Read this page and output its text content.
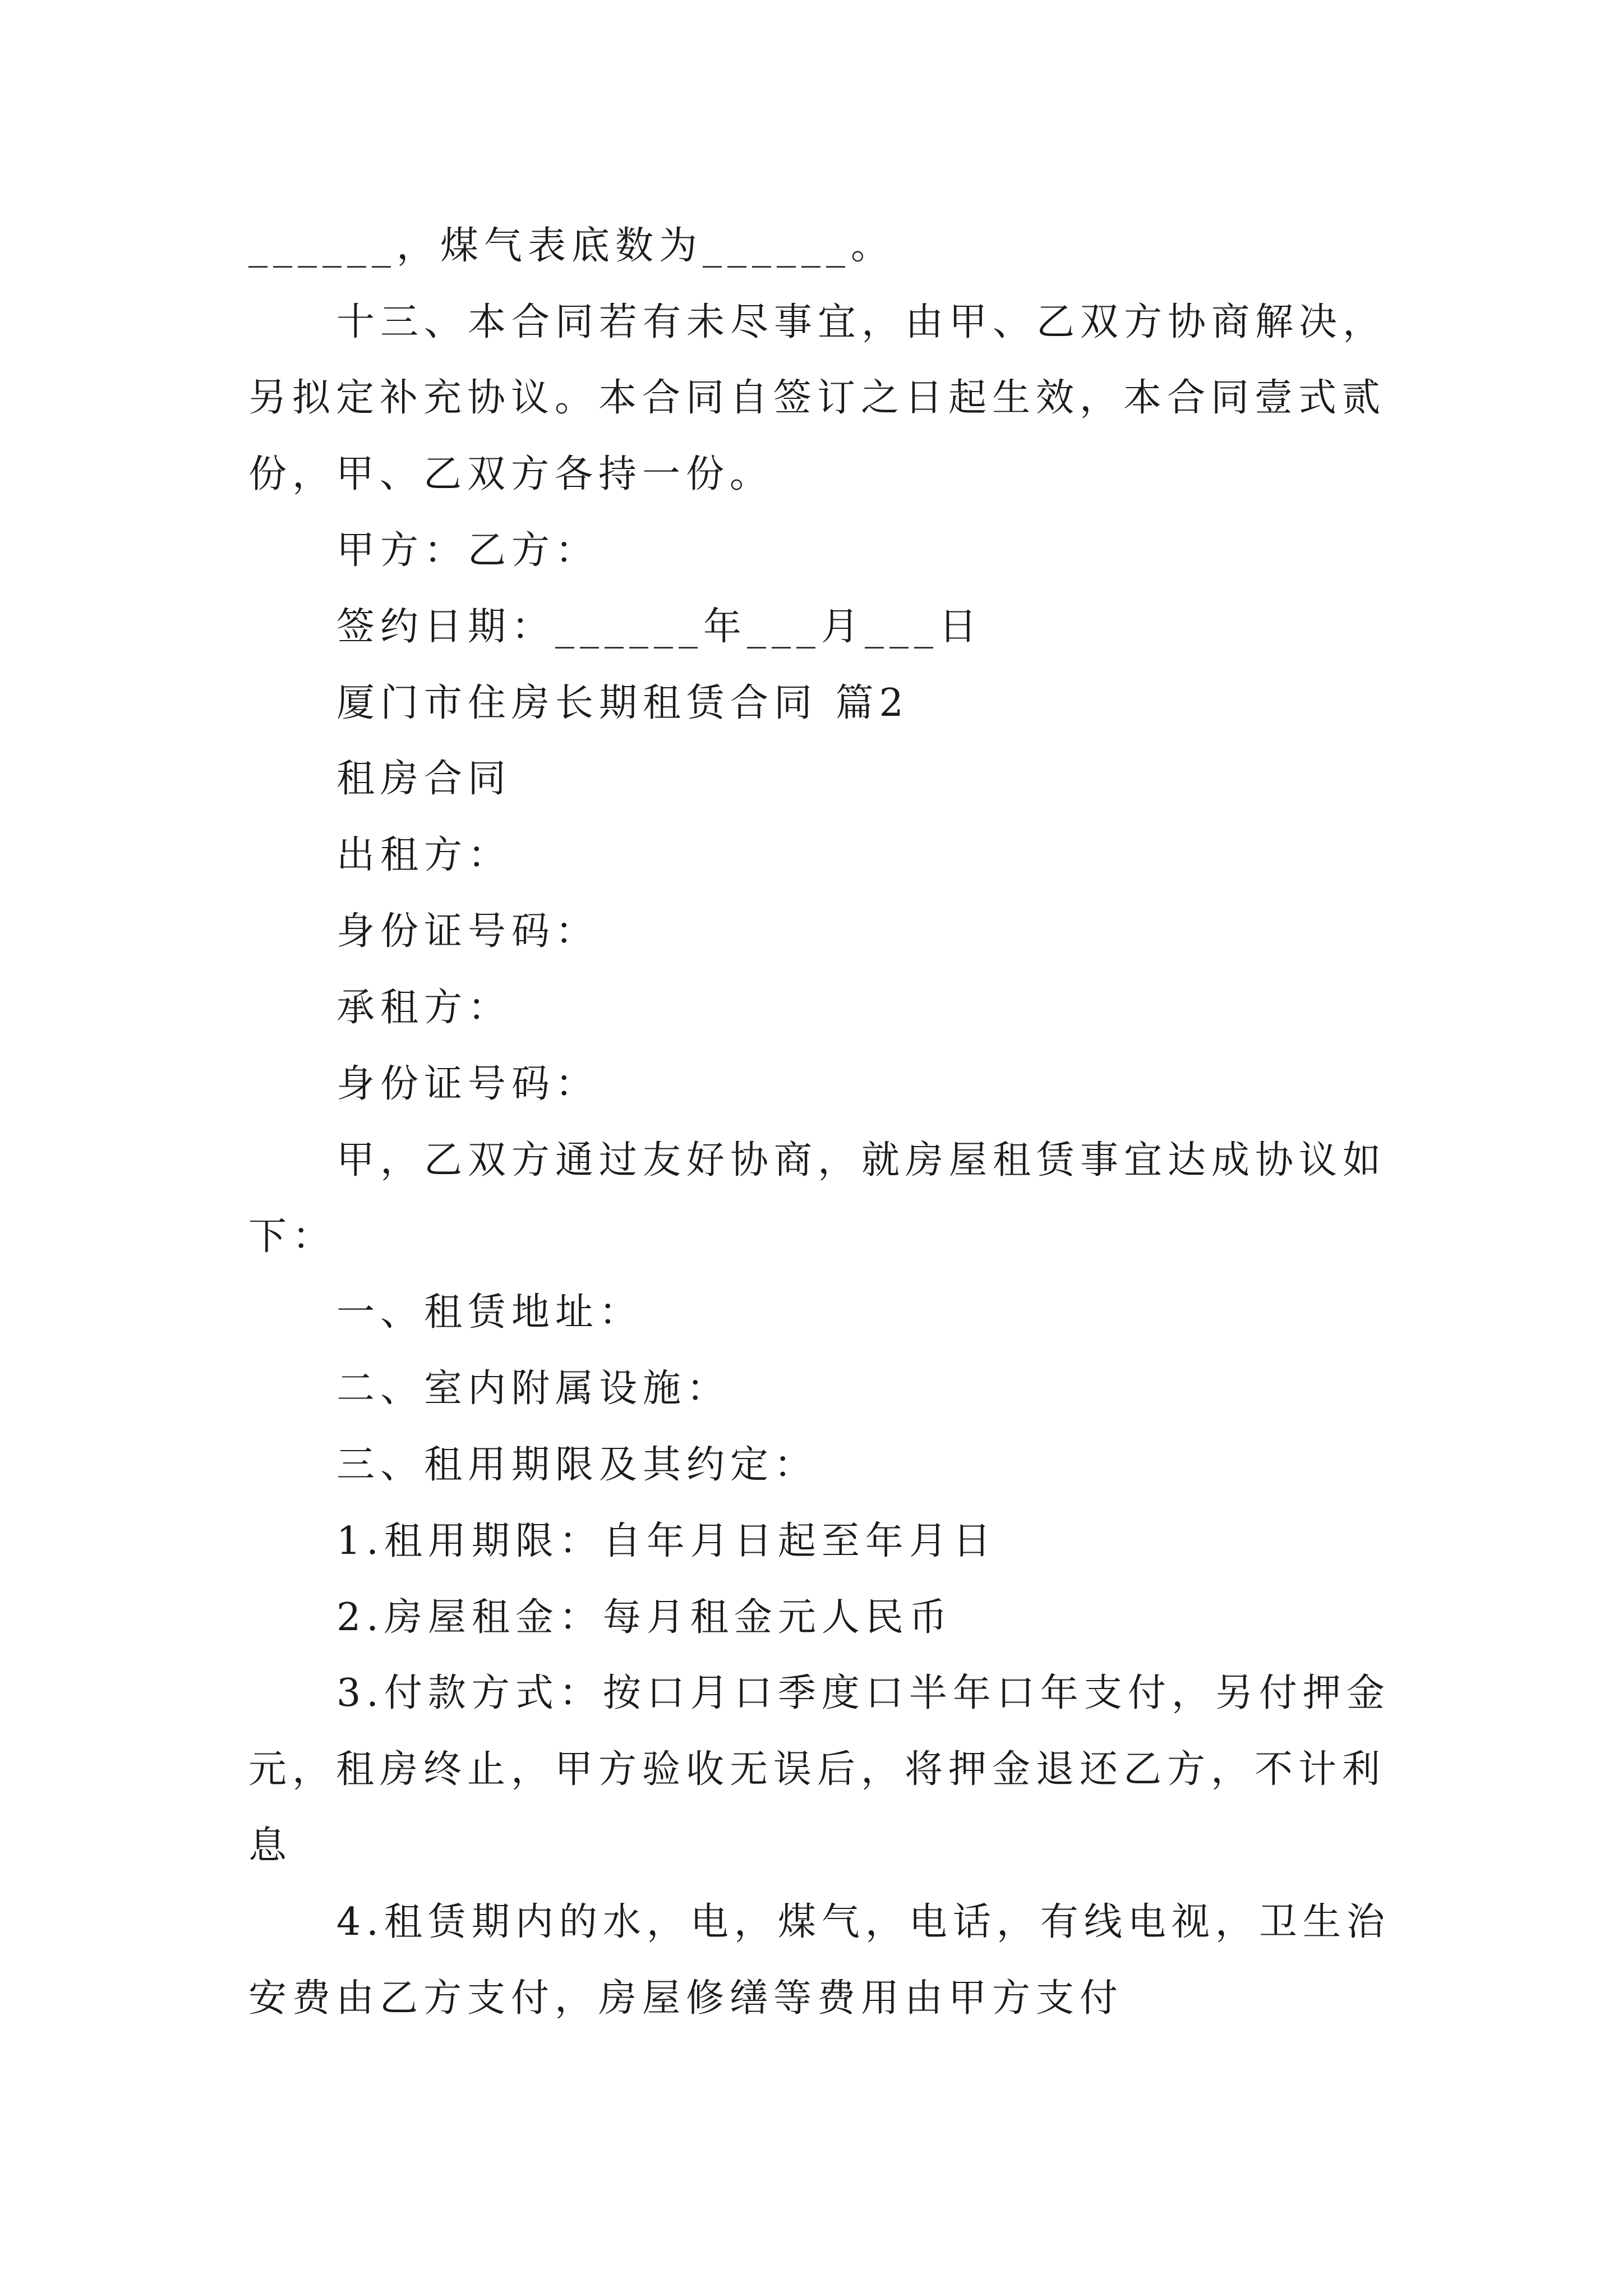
______，煤气表底数为______。
十三、本合同若有未尽事宜，由甲、乙双方协商解决，
另拟定补充协议。本合同自签订之日起生效，本合同壹式贰
份，甲、乙双方各持一份。
甲方：乙方：
签约日期：______年___月___日
厦门市住房长期租赁合同 篇2
租房合同
出租方：
身份证号码：
承租方：
身份证号码：
甲，乙双方通过友好协商，就房屋租赁事宜达成协议如
下：
一、租赁地址：
二、室内附属设施：
三、租用期限及其约定：
1.租用期限：自年月日起至年月日
2.房屋租金：每月租金元人民币
3.付款方式：按口月口季度口半年口年支付，另付押金
元，租房终止，甲方验收无误后，将押金退还乙方，不计利
息
4.租赁期内的水，电，煤气，电话，有线电视，卫生治
安费由乙方支付，房屋修缮等费用由甲方支付
